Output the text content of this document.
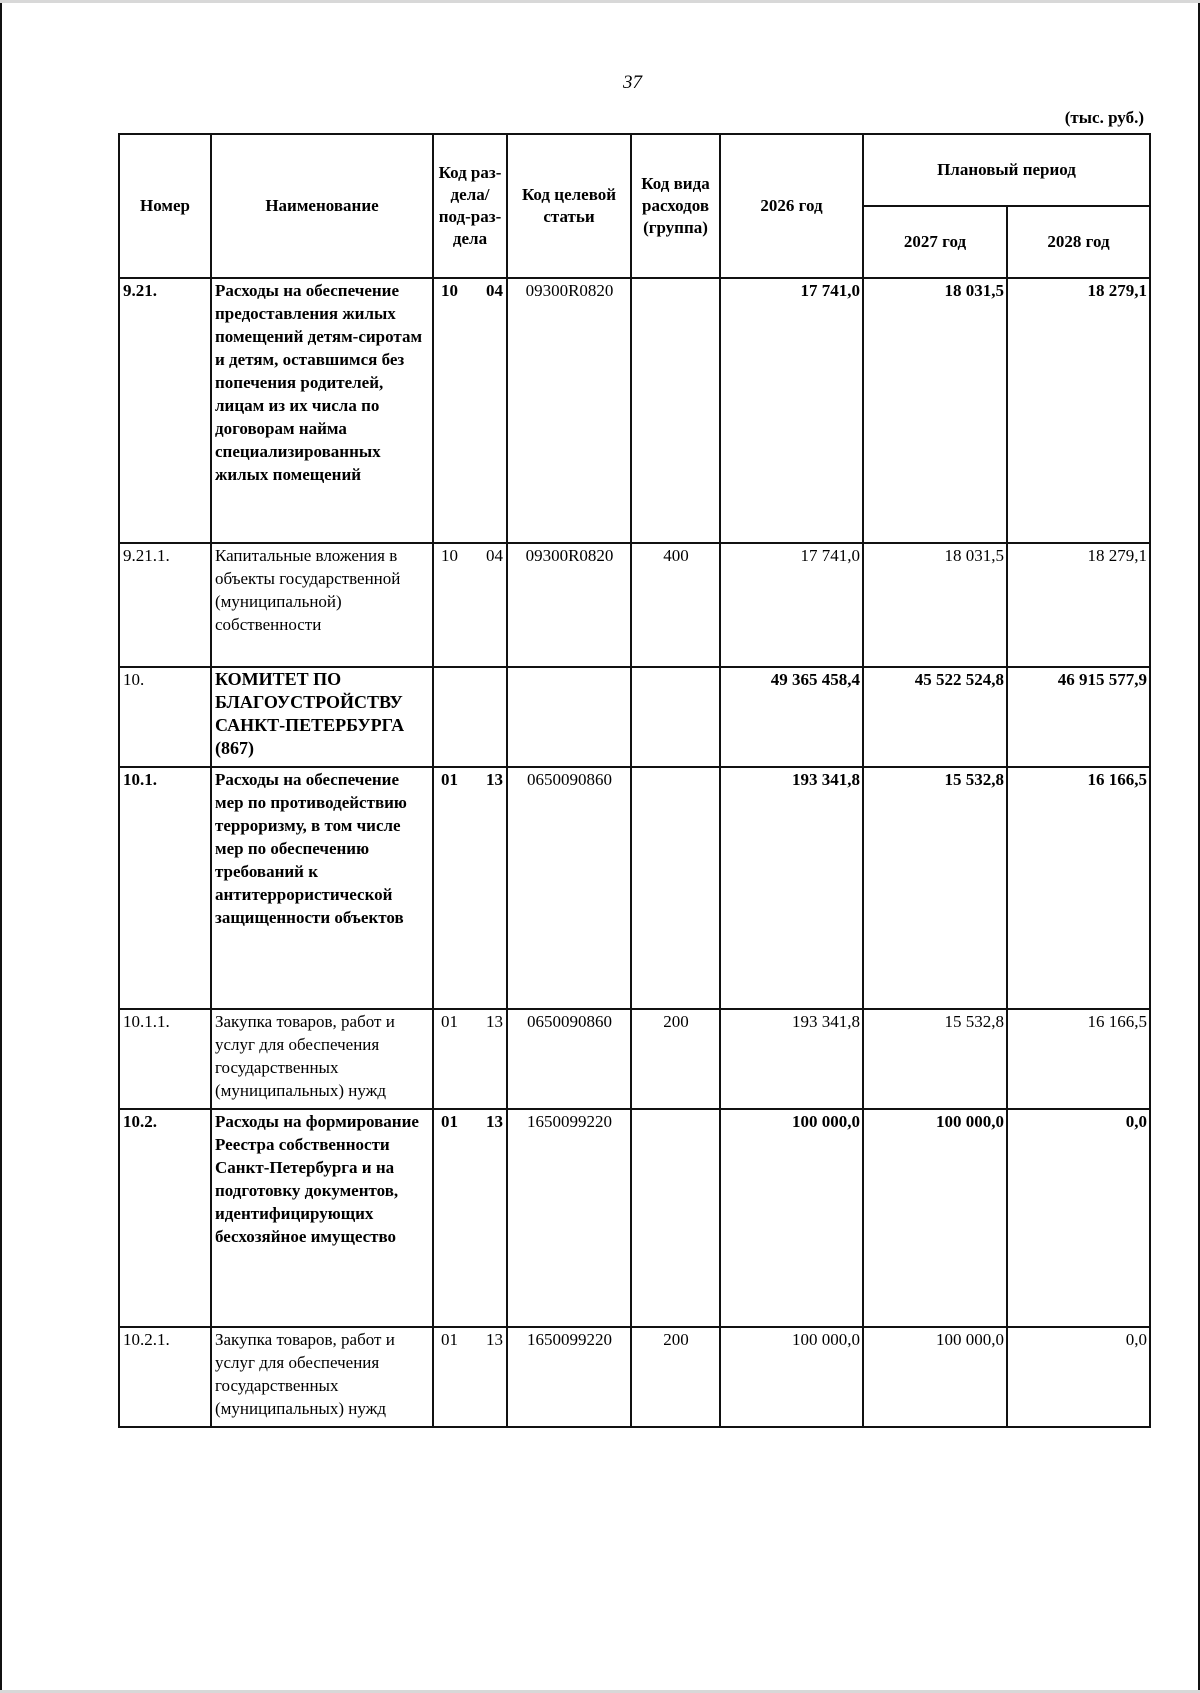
37
(тыс. руб.)
Номер	Наименование	Код раз-дела/ под-раз-дела	Код целевой статьи	Код вида расходов (группа)	2026 год	Плановый период	
						2027 год	2028 год
9.21.	Расходы на обеспечение предоставления жилых помещений детям-сиротам и детям, оставшимся без попечения родителей, лицам из их числа по договорам найма специализированных жилых помещений	10 04	09300R0820		17 741,0	18 031,5	18 279,1
9.21.1.	Капитальные вложения в объекты государственной (муниципальной) собственности	10 04	09300R0820	400	17 741,0	18 031,5	18 279,1
10.	КОМИТЕТ ПО БЛАГОУСТРОЙСТВУ САНКТ-ПЕТЕРБУРГА (867)				49 365 458,4	45 522 524,8	46 915 577,9
10.1.	Расходы на обеспечение мер по противодействию терроризму, в том числе мер по обеспечению требований к антитеррористической защищенности объектов	01 13	0650090860		193 341,8	15 532,8	16 166,5
10.1.1.	Закупка товаров, работ и услуг для обеспечения государственных (муниципальных) нужд	01 13	0650090860	200	193 341,8	15 532,8	16 166,5
10.2.	Расходы на формирование Реестра собственности Санкт-Петербурга и на подготовку документов, идентифицирующих бесхозяйное имущество	01 13	1650099220		100 000,0	100 000,0	0,0
10.2.1.	Закупка товаров, работ и услуг для обеспечения государственных (муниципальных) нужд	01 13	1650099220	200	100 000,0	100 000,0	0,0
